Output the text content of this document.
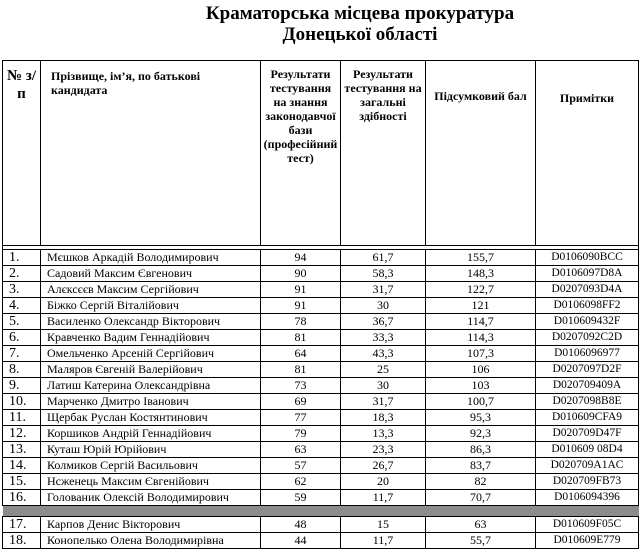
Краматорська місцева прокуратура
Донецької області
№ з/п	Прізвище, ім’я, по батькові кандидата	Результати тестування на знання законодавчої бази (професійний тест)	Результати тестування на загальні здібності	Підсумковий бал	Примітки

1.	Мєшков Аркадій Володимирович	94	61,7	155,7	D0106090BCC
2.	Садовий Максим Євгенович	90	58,3	148,3	D0106097D8A
3.	Алєксєєв Максим Сергійович	91	31,7	122,7	D0207093D4A
4.	Біжко Сергій Віталійович	91	30	121	D0106098FF2
5.	Василенко Олександр Вікторович	78	36,7	114,7	D010609432F
6.	Кравченко Вадим Геннадійович	81	33,3	114,3	D0207092C2D
7.	Омельченко Арсеній Сергійович	64	43,3	107,3	D0106096977
8.	Маляров Євгеній Валерійович	81	25	106	D0207097D2F
9.	Латиш Катерина Олександрівна	73	30	103	D020709409A
10.	Марченко Дмитро Іванович	69	31,7	100,7	D0207098B8E
11.	Щербак Руслан Костянтинович	77	18,3	95,3	D010609CFA9
12.	Коршиков Андрій Геннадійович	79	13,3	92,3	D020709D47F
13.	Куташ Юрій Юрійович	63	23,3	86,3	D010609 08D4
14.	Колмиков Сергій Васильович	57	26,7	83,7	D020709A1AC
15.	Нсженець Максим Євгенійович	62	20	82	D020709FB73
16.	Голованик Олексій Володимирович	59	11,7	70,7	D0106094396

17.	Карпов Денис Вікторович	48	15	63	D010609F05C
18.	Конопелько Олена Володимирівна	44	11,7	55,7	D010609E779
